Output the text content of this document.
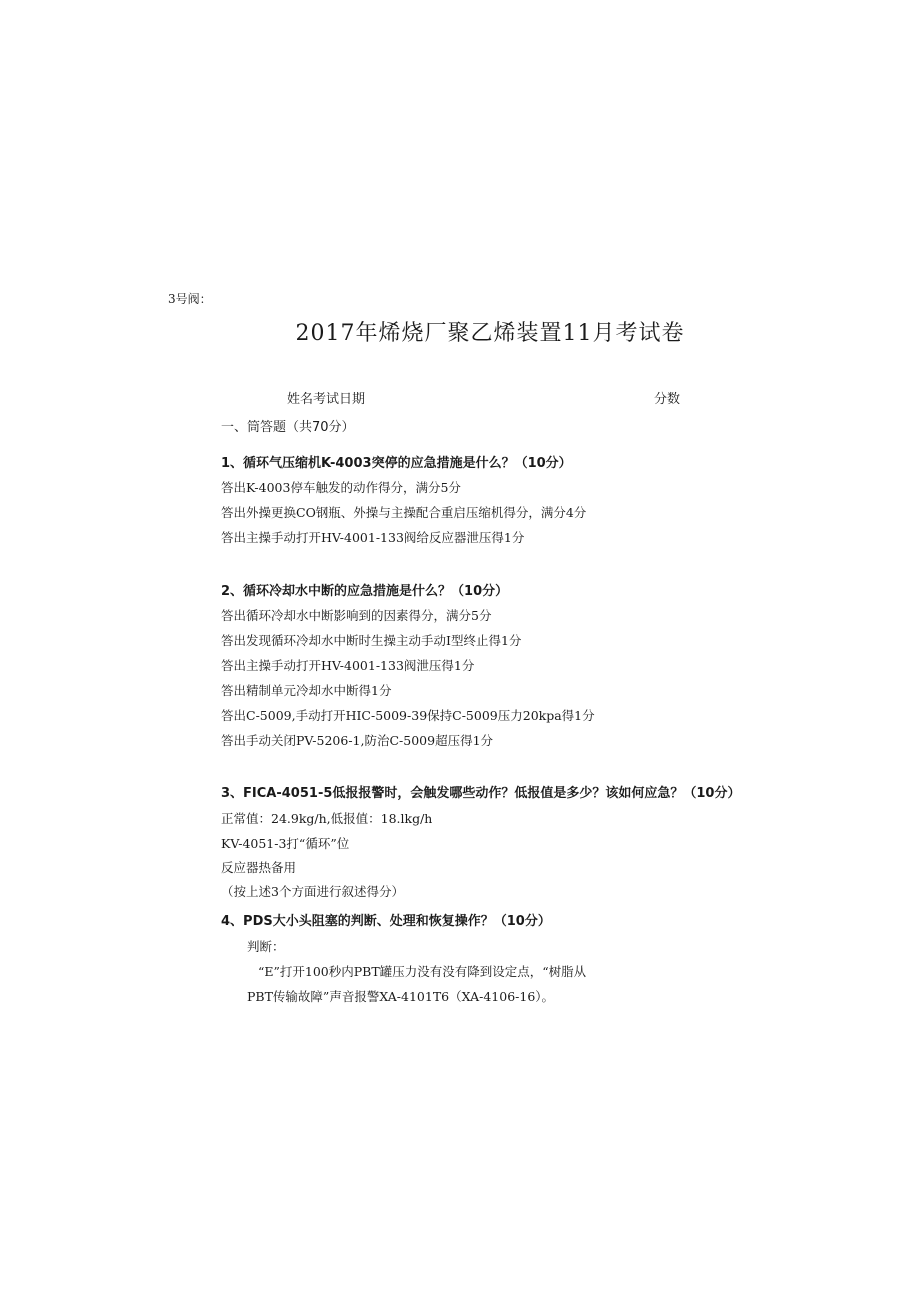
3号阀：
2017年烯烧厂聚乙烯装置11月考试卷
姓名考试日期	分数
一、筒答题（共70分）
1、循环气压缩机K-4003突停的应急措施是什么？（10分）
答出K-4003停车触发的动作得分，满分5分
答出外操更换CO钢瓶、外操与主操配合重启压缩机得分，满分4分
答出主操手动打开HV-4001-133阀给反应器泄压得1分
2、循环冷却水中断的应急措施是什么？（10分）
答出循环冷却水中断影响到的因素得分，满分5分
答出发现循环冷却水中断时生操主动手动I型终止得1分
答出主操手动打开HV-4001-133阀泄压得1分
答出精制单元冷却水中断得1分
答出C-5009,手动打开HIC-5009-39保持C-5009压力20kpa得1分
答出手动关闭PV-5206-1,防治C-5009超压得1分
3、FICA-4051-5低报报警时，会触发哪些动作？低报值是多少？该如何应急？（10分）
正常值：24.9kg/h,低报值：18.lkg/h
KV-4051-3打“循环”位
反应器热备用
（按上述3个方面进行叙述得分）
4、PDS大小头阻塞的判断、处理和恢复操作？（10分）
判断：
“E”打开100秒内PBT罐压力没有没有降到设定点，“树脂从
PBT传输故障”声音报警XA-4101T6（XA-4106-16）。
